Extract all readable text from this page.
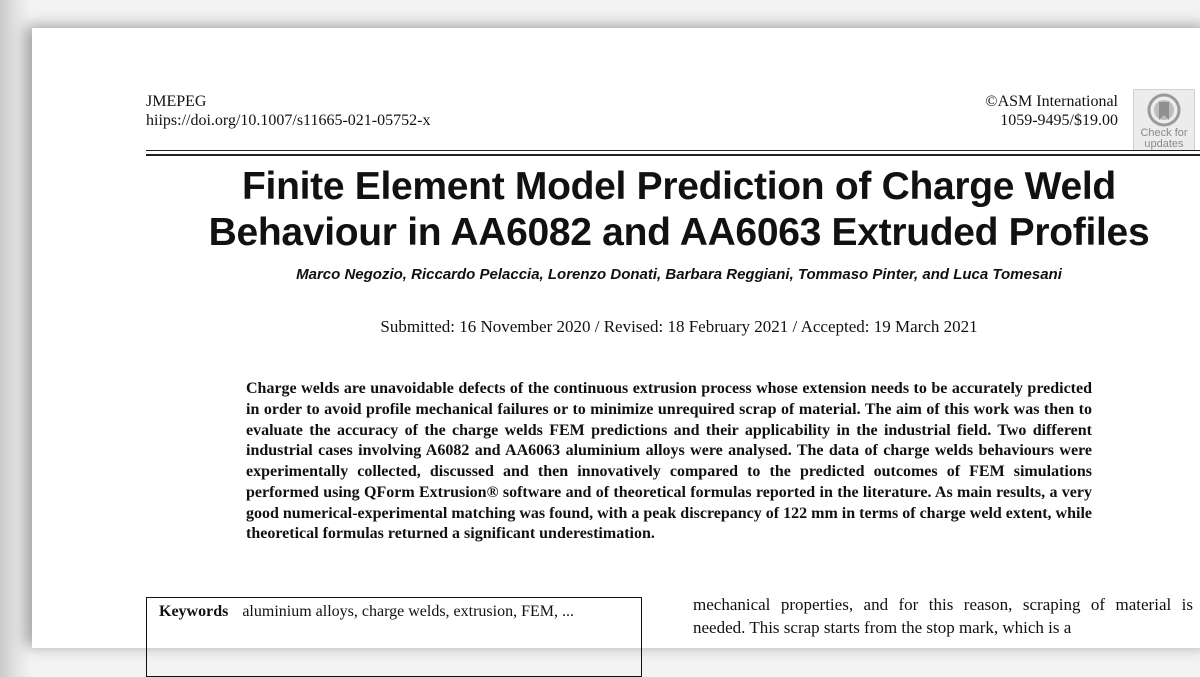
JMEPEG
hiips://doi.org/10.1007/s11665-021-05752-x
©ASM International
1059-9495/$19.00
Check for
updates
Finite Element Model Prediction of Charge Weld
Behaviour in AA6082 and AA6063 Extruded Profiles
Marco Negozio, Riccardo Pelaccia, Lorenzo Donati, Barbara Reggiani, Tommaso Pinter, and Luca Tomesani
Submitted: 16 November 2020 / Revised: 18 February 2021 / Accepted: 19 March 2021

Charge welds are unavoidable defects of the continuous extrusion process whose extension needs to be accurately predicted in order to avoid profile mechanical failures or to minimize unrequired scrap of material. The aim of this work was then to evaluate the accuracy of the charge welds FEM predictions and their applicability in the industrial field. Two different industrial cases involving A6082 and AA6063 aluminium alloys were analysed. The data of charge welds behaviours were experimentally collected, discussed and then innovatively compared to the predicted outcomes of FEM simulations performed using QForm Extrusion® software and of theoretical formulas reported in the literature. As main results, a very good numerical-experimental matching was found, with a peak discrepancy of 122 mm in terms of charge weld extent, while theoretical formulas returned a significant underestimation.

Keywords aluminium alloys, charge welds, extrusion, FEM, ...	mechanical properties, and for this reason, scraping of material is needed. This scrap starts from the stop mark, which is a
